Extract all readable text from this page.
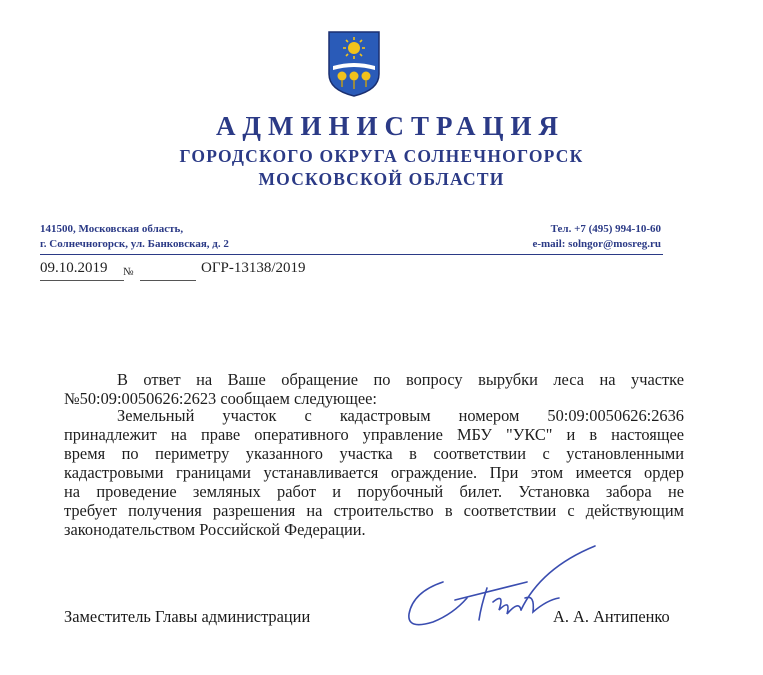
АДМИНИСТРАЦИЯ
ГОРОДСКОГО ОКРУГА СОЛНЕЧНОГОРСК
МОСКОВСКОЙ ОБЛАСТИ
141500, Московская область,
г. Солнечногорск, ул. Банковская, д. 2
Тел. +7 (495) 994-10-60
e-mail: solngor@mosreg.ru
09.10.2019 №	ОГР-13138/2019
В ответ на Ваше обращение по вопросу вырубки леса на участке
№50:09:0050626:2623 сообщаем следующее:
Земельный участок с кадастровым номером 50:09:0050626:2636
принадлежит на праве оперативного управление МБУ "УКС" и в настоящее
время по периметру указанного участка в соответствии с установленными
кадастровыми границами устанавливается ограждение. При этом имеется ордер
на проведение земляных работ и порубочный билет. Установка забора не
требует получения разрешения на строительство в соответствии с действующим
законодательством Российской Федерации.
Заместитель Главы администрации	А. А. Антипенко
